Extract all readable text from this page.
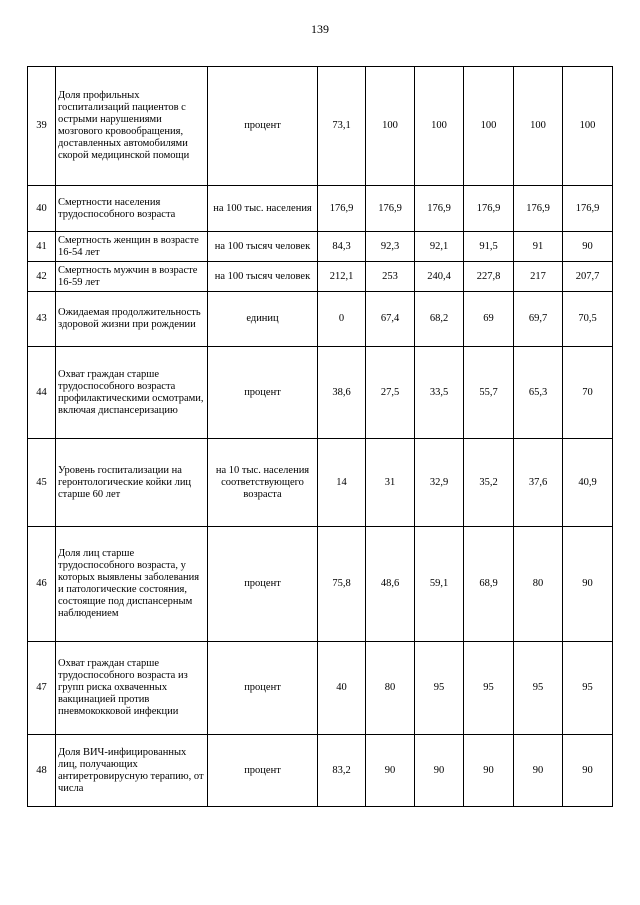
139
39	Доля профильных госпитализаций пациентов с острыми нарушениями мозгового кровообращения, доставленных автомобилями скорой медицинской помощи	процент	73,1	100	100	100	100	100
40	Смертности населения трудоспособного возраста	на 100 тыс. населения	176,9	176,9	176,9	176,9	176,9	176,9
41	Смертность женщин в возрасте 16-54 лет	на 100 тысяч человек	84,3	92,3	92,1	91,5	91	90
42	Смертность мужчин в возрасте 16-59 лет	на 100 тысяч человек	212,1	253	240,4	227,8	217	207,7
43	Ожидаемая продолжительность здоровой жизни при рождении	единиц	0	67,4	68,2	69	69,7	70,5
44	Охват граждан старше трудоспособного возраста профилактическими осмотрами, включая диспансеризацию	процент	38,6	27,5	33,5	55,7	65,3	70
45	Уровень госпитализации на геронтологические койки лиц старше 60 лет	на 10 тыс. населения соответствующего возраста	14	31	32,9	35,2	37,6	40,9
46	Доля лиц старше трудоспособного возраста, у которых выявлены заболевания и патологические состояния, состоящие под диспансерным наблюдением	процент	75,8	48,6	59,1	68,9	80	90
47	Охват граждан старше трудоспособного возраста из групп риска охваченных вакцинацией против пневмококковой инфекции	процент	40	80	95	95	95	95
48	Доля ВИЧ-инфицированных лиц, получающих антиретровирусную терапию, от числа	процент	83,2	90	90	90	90	90
